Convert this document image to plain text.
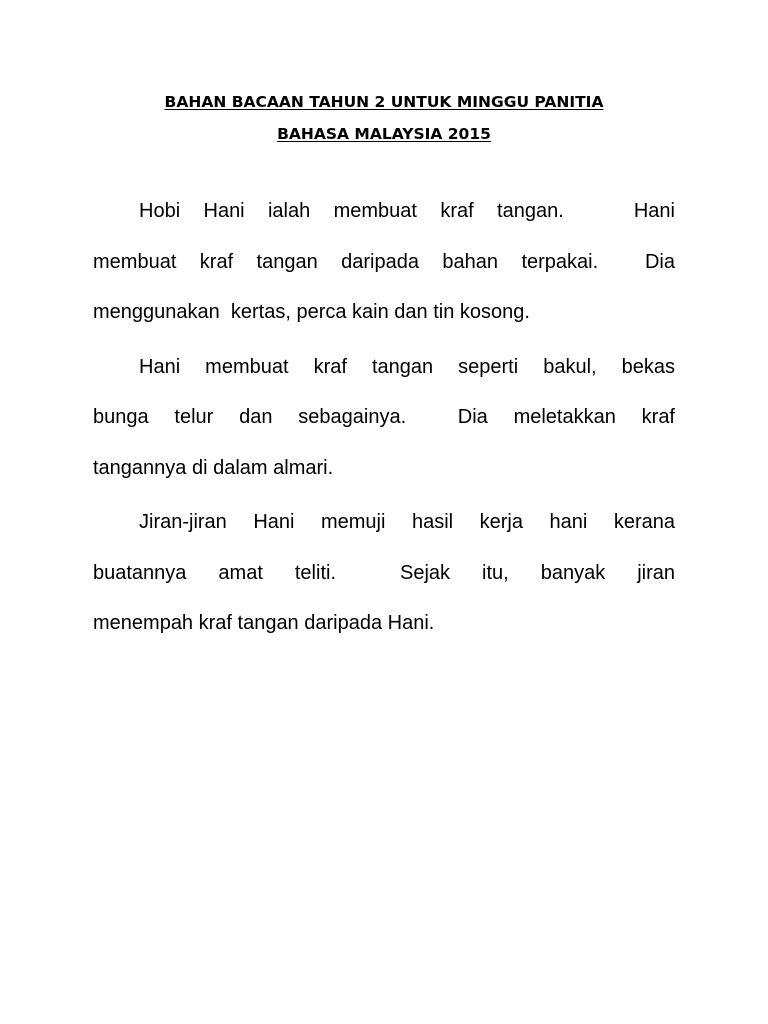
BAHAN BACAAN TAHUN 2 UNTUK MINGGU PANITIA
BAHASA MALAYSIA 2015

Hobi Hani ialah membuat kraf tangan.   Hani
membuat kraf tangan daripada bahan terpakai.  Dia
menggunakan  kertas, perca kain dan tin kosong.

Hani membuat kraf tangan seperti bakul, bekas
bunga telur dan sebagainya.  Dia meletakkan kraf
tangannya di dalam almari.

Jiran-jiran Hani memuji hasil kerja hani kerana
buatannya amat teliti.  Sejak itu, banyak jiran
menempah kraf tangan daripada Hani.
